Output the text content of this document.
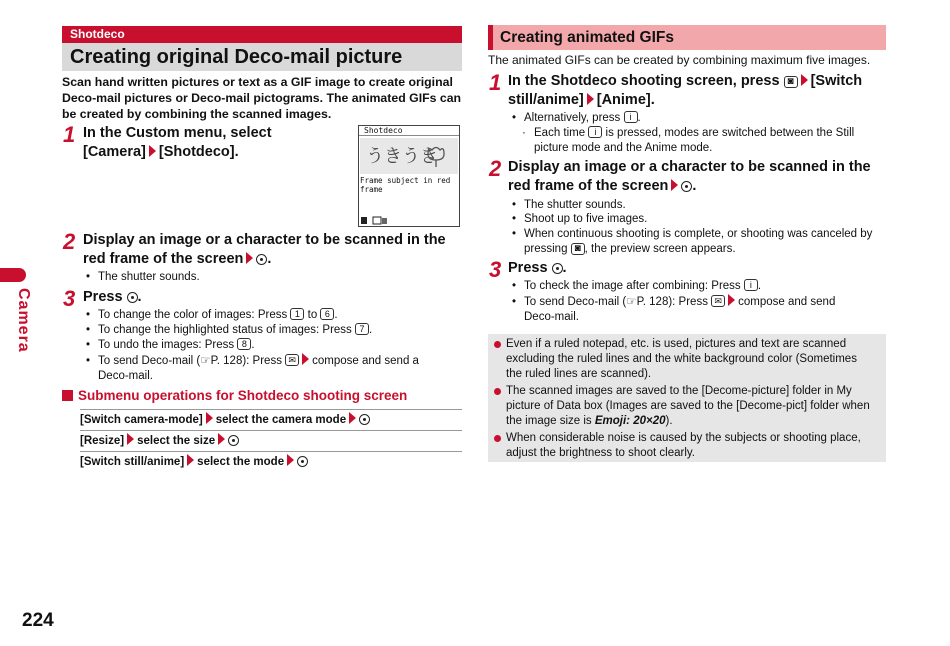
Camera
224
Shotdeco
Creating original Deco-mail picture
Scan hand written pictures or text as a GIF image to create original Deco-mail pictures or Deco-mail pictograms. The animated GIFs can be created by combining the scanned images.
1 In the Custom menu, select
[Camera] [Shotdeco].
Shotdeco
うきうき
Frame subject in red
frame
2 Display an image or a character to be scanned in the red frame of the screen .
• The shutter sounds.
3 Press .
• To change the color of images: Press 1 to 6 .
• To change the highlighted status of images: Press 7 .
• To undo the images: Press 8 .
• To send Deco-mail (☞P. 128): Press ✉ compose and send a
Deco-mail.
Submenu operations for Shotdeco shooting screen
[Switch camera-mode] select the camera mode
[Resize] select the size
[Switch still/anime] select the mode
Creating animated GIFs
The animated GIFs can be created by combining maximum five images.
1 In the Shotdeco shooting screen, press ◙ [Switch
still/anime] [Anime].
• Alternatively, press i .
· Each time i is pressed, modes are switched between the Still
picture mode and the Anime mode.
2 Display an image or a character to be scanned in the red frame of the screen .
• The shutter sounds.
• Shoot up to five images.
• When continuous shooting is complete, or shooting was canceled by
pressing ◙ , the preview screen appears.
3 Press .
• To check the image after combining: Press i .
• To send Deco-mail (☞P. 128): Press ✉ compose and send
Deco-mail.
Even if a ruled notepad, etc. is used, pictures and text are scanned
excluding the ruled lines and the white background color (Sometimes
the ruled lines are scanned).
The scanned images are saved to the [Decome-picture] folder in My
picture of Data box (Images are saved to the [Decome-pict] folder when
the image size is Emoji: 20×20).
When considerable noise is caused by the subjects or shooting place,
adjust the brightness to shoot clearly.
